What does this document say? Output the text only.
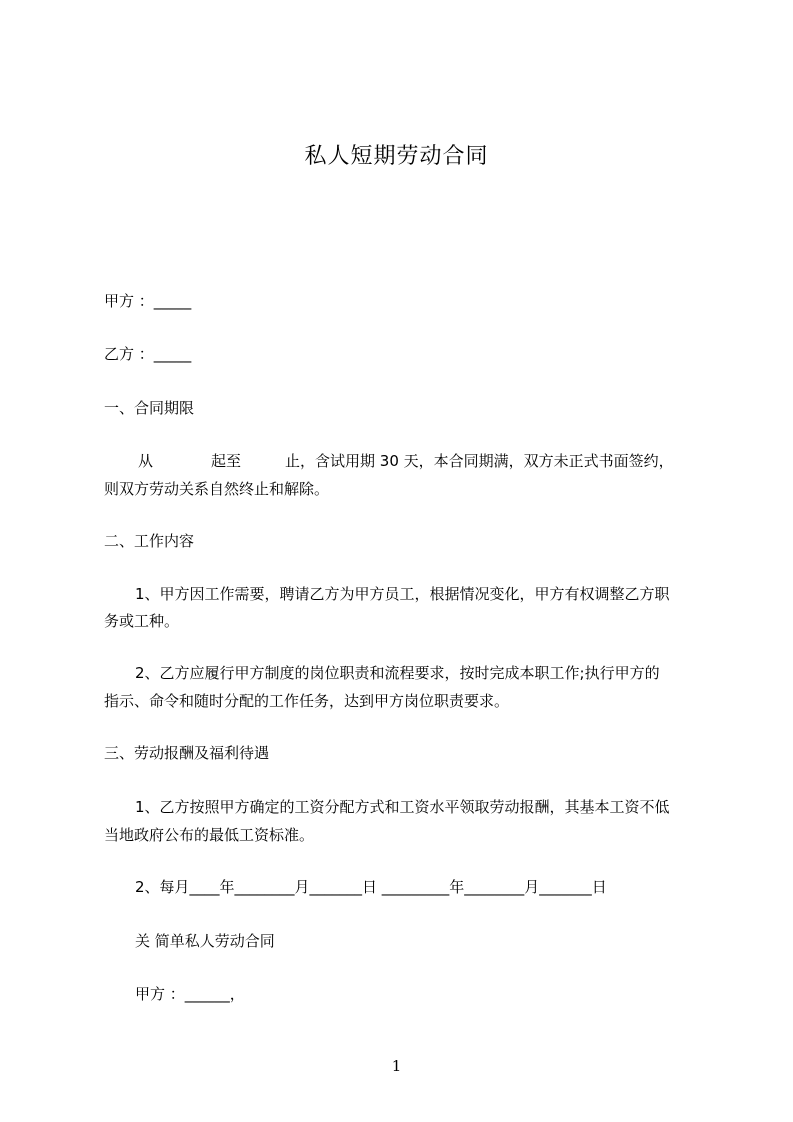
私人短期劳动合同
甲方 ：_____
乙方 ：_____
一、合同期限
从	起至	止，含试用期 30 天，本合同期满，双方未正式书面签约，
则双方劳动关系自然终止和解除。
二、工作内容
1、甲方因工作需要，聘请乙方为甲方员工，根据情况变化，甲方有权调整乙方职
务或工种。
2、乙方应履行甲方制度的岗位职责和流程要求，按时完成本职工作;执行甲方的
指示、命令和随时分配的工作任务，达到甲方岗位职责要求。
三、劳动报酬及福利待遇
1、乙方按照甲方确定的工资分配方式和工资水平领取劳动报酬，其基本工资不低
当地政府公布的最低工资标准。
2、每月____年________月_______日 _________年________月_______日
关 简单私人劳动合同
甲方 ：______，
1
